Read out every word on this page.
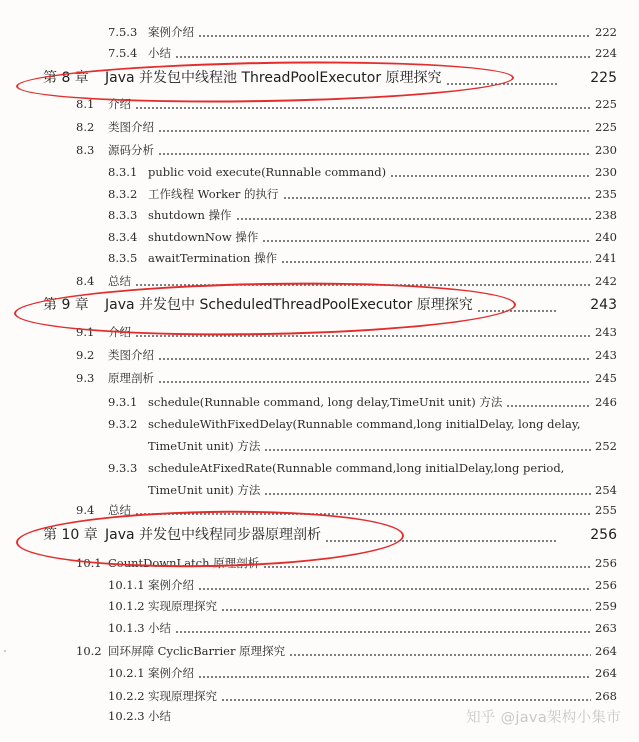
7.5.3 案例介绍	222
7.5.4 小结	224
第 8 章 Java 并发包中线程池 ThreadPoolExecutor 原理探究	225
8.1 介绍	225
8.2 类图介绍	225
8.3 源码分析	230
8.3.1 public void execute(Runnable command)	230
8.3.2 工作线程 Worker 的执行	235
8.3.3 shutdown 操作	238
8.3.4 shutdownNow 操作	240
8.3.5 awaitTermination 操作	241
8.4 总结	242
第 9 章 Java 并发包中 ScheduledThreadPoolExecutor 原理探究	243
9.1 介绍	243
9.2 类图介绍	243
9.3 原理剖析	245
9.3.1 schedule(Runnable command, long delay,TimeUnit unit) 方法	246
9.3.2 scheduleWithFixedDelay(Runnable command,long initialDelay, long delay,
TimeUnit unit) 方法	252
9.3.3 scheduleAtFixedRate(Runnable command,long initialDelay,long period,
TimeUnit unit) 方法	254
9.4 总结	255
第 10 章 Java 并发包中线程同步器原理剖析	256
10.1 CountDownLatch 原理剖析	256
10.1.1 案例介绍	256
10.1.2 实现原理探究	259
10.1.3 小结	263
10.2 回环屏障 CyclicBarrier 原理探究	264
10.2.1 案例介绍	264
10.2.2 实现原理探究	268
10.2.3 小结	知乎 @java架构小集市
